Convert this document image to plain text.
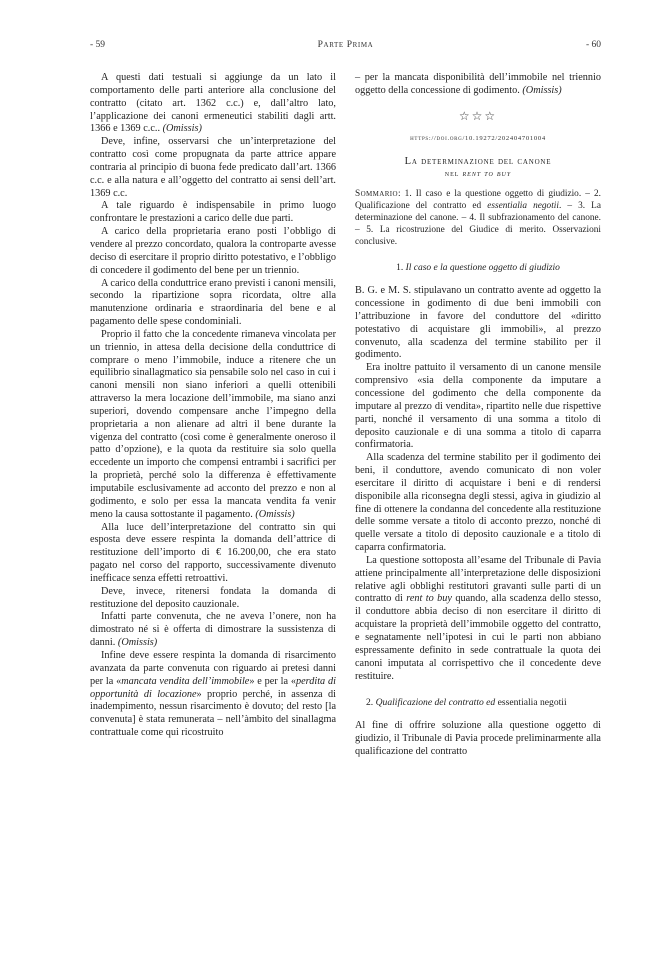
- 59	Parte Prima	- 60

A questi dati testuali si aggiunge da un lato il comportamento delle parti anteriore alla conclusione del contratto (citato art. 1362 c.c.) e, dall’altro lato, l’applicazione dei canoni ermeneutici stabiliti dagli artt. 1366 e 1369 c.c.. (Omissis)

Deve, infine, osservarsi che un’interpretazione del contratto così come propugnata da parte attrice appare contraria al principio di buona fede predicato dall’art. 1366 c.c. e alla natura e all’oggetto del contratto ai sensi dell’art. 1369 c.c.

A tale riguardo è indispensabile in primo luogo confrontare le prestazioni a carico delle due parti.

A carico della proprietaria erano posti l’obbligo di vendere al prezzo concordato, qualora la controparte avesse deciso di esercitare il proprio diritto potestativo, e l’obbligo di concedere il godimento del bene per un triennio.

A carico della conduttrice erano previsti i canoni mensili, secondo la ripartizione sopra ricordata, oltre alla manutenzione ordinaria e straordinaria del bene e al pagamento delle spese condominiali.

Proprio il fatto che la concedente rimaneva vincolata per un triennio, in attesa della decisione della conduttrice di comprare o meno l’immobile, induce a ritenere che un equilibrio sinallagmatico sia pensabile solo nel caso in cui i canoni mensili non siano inferiori a quelli ottenibili attraverso la mera locazione dell’immobile, ma siano anzi superiori, dovendo compensare anche l’impegno della proprietaria a non alienare ad altri il bene durante la vigenza del contratto (così come è generalmente oneroso il patto d’opzione), e la quota da restituire sia solo quella eccedente un importo che compensi entrambi i sacrifici per la proprietà, perché solo la differenza è effettivamente imputabile esclusivamente ad acconto del prezzo e non al godimento, e solo per essa la mancata vendita fa venir meno la causa sottostante il pagamento. (Omissis)

Alla luce dell’interpretazione del contratto sin qui esposta deve essere respinta la domanda dell’attrice di restituzione dell’importo di € 16.200,00, che era stato pagato nel corso del rapporto, successivamente divenuto inefficace senza effetti retroattivi.

Deve, invece, ritenersi fondata la domanda di restituzione del deposito cauzionale.

Infatti parte convenuta, che ne aveva l’onere, non ha dimostrato né si è offerta di dimostrare la sussistenza di danni. (Omissis)

Infine deve essere respinta la domanda di risarcimento avanzata da parte convenuta con riguardo ai pretesi danni per la «mancata vendita dell’immobile» e per la «perdita di opportunità di locazione» proprio perché, in assenza di inadempimento, nessun risarcimento è dovuto; del resto [la convenuta] è stata remunerata – nell’àmbito del sinallagma contrattuale come qui ricostruito

– per la mancata disponibilità dell’immobile nel triennio oggetto della concessione di godimento. (Omissis)

☆☆☆
https://doi.org/10.19272/202404701004
La determinazione del canone
nel rent to buy
Sommario: 1. Il caso e la questione oggetto di giudizio. – 2. Qualificazione del contratto ed essentialia negotii. – 3. La determinazione del canone. – 4. Il subfrazionamento del canone. – 5. La ricostruzione del Giudice di merito. Osservazioni conclusive.
1. Il caso e la questione oggetto di giudizio

B. G. e M. S. stipulavano un contratto avente ad oggetto la concessione in godimento di due beni immobili con l’attribuzione in favore del conduttore del «diritto potestativo di acquistare gli immobili», al prezzo convenuto, alla scadenza del termine stabilito per il godimento.

Era inoltre pattuito il versamento di un canone mensile comprensivo «sia della componente da imputare a concessione del godimento che della componente da imputare al prezzo di vendita», ripartito nelle due rispettive parti, nonché il versamento di una somma a titolo di deposito cauzionale e di una somma a titolo di caparra confirmatoria.

Alla scadenza del termine stabilito per il godimento dei beni, il conduttore, avendo comunicato di non voler esercitare il diritto di acquistare i beni e di rendersi disponibile alla riconsegna degli stessi, agiva in giudizio al fine di ottenere la condanna del concedente alla restituzione delle somme versate a titolo di acconto prezzo, nonché di quelle versate a titolo di deposito cauzionale e a titolo di caparra confirmatoria.

La questione sottoposta all’esame del Tribunale di Pavia attiene principalmente all’interpretazione delle disposizioni relative agli obblighi restitutori gravanti sulle parti di un contratto di rent to buy quando, alla scadenza dello stesso, il conduttore abbia deciso di non esercitare il diritto di acquistare la proprietà dell’immobile oggetto del contratto, e segnatamente nell’ipotesi in cui le parti non abbiano espressamente definito in sede contrattuale la quota dei canoni imputata al corrispettivo che il concedente deve restituire.

2. Qualificazione del contratto ed essentialia negotii

Al fine di offrire soluzione alla questione oggetto di giudizio, il Tribunale di Pavia procede preliminarmente alla qualificazione del contratto
